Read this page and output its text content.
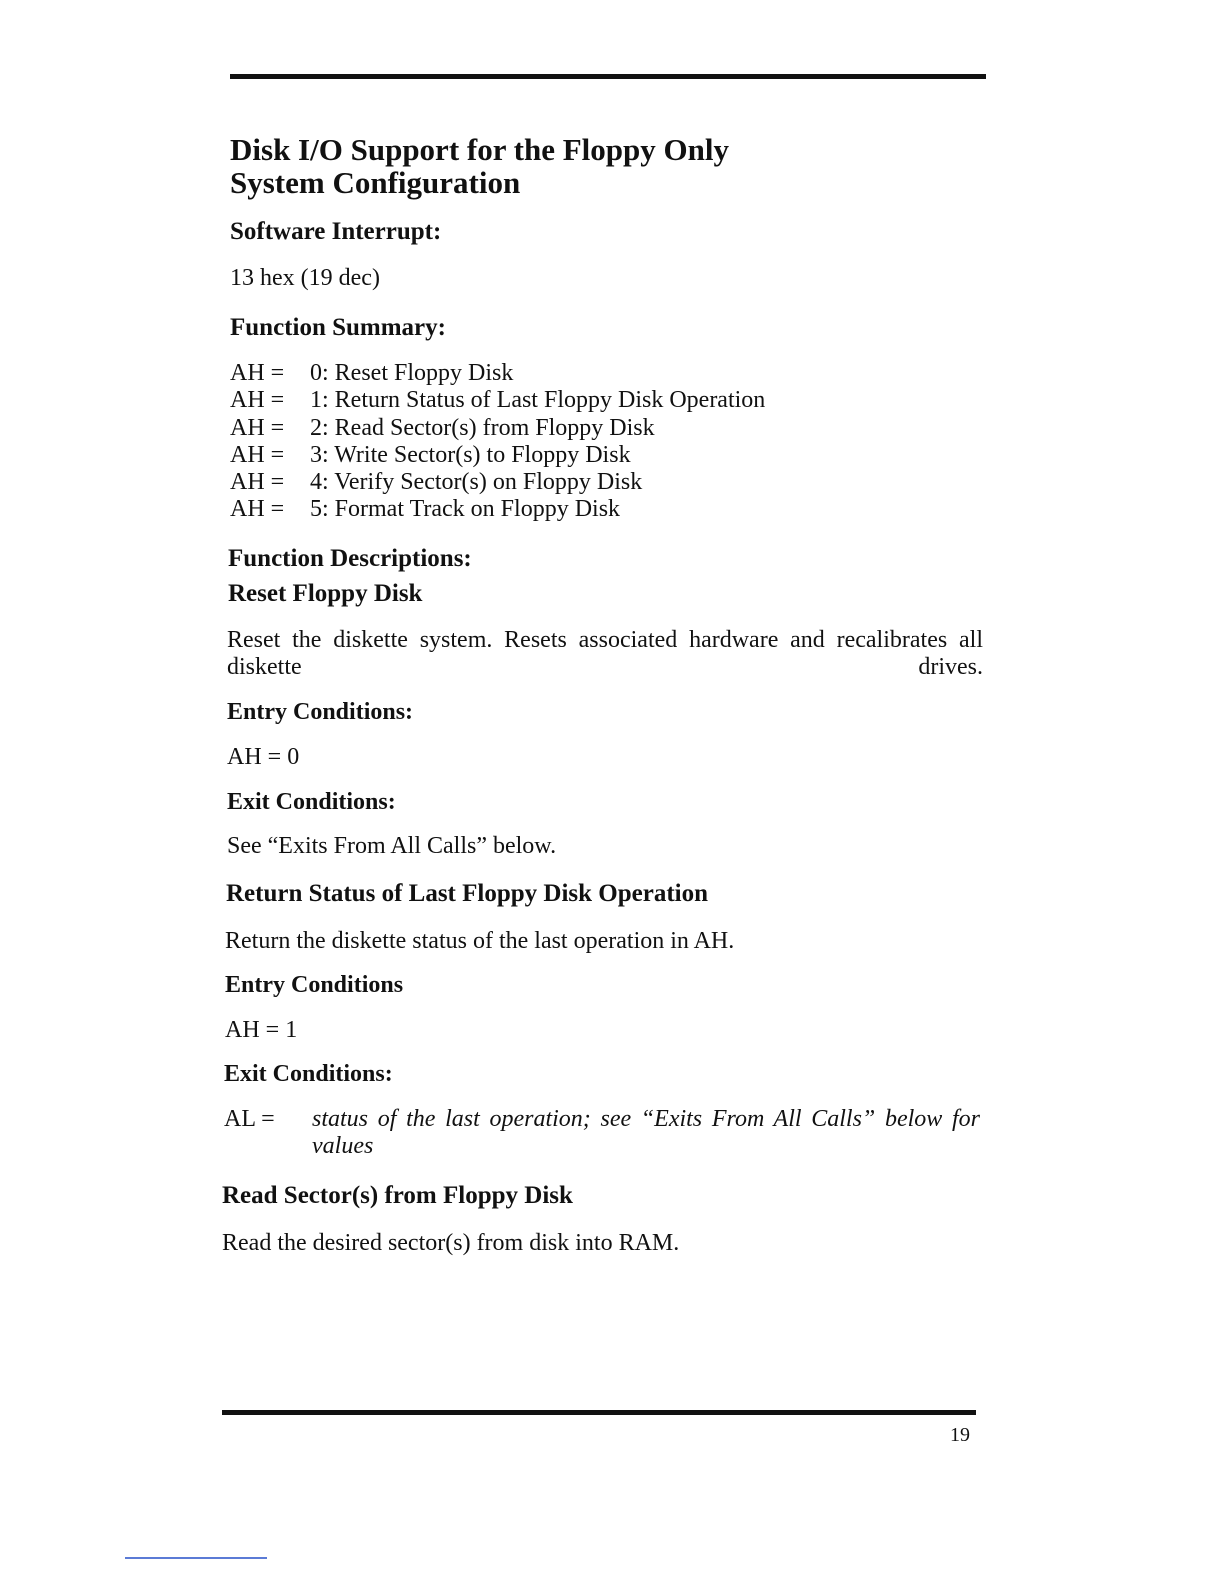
Disk I/O Support for the Floppy Only
System Configuration
Software Interrupt:

13 hex (19 dec)

Function Summary:
AH = 0: Reset Floppy Disk
AH = 1: Return Status of Last Floppy Disk Operation
AH = 2: Read Sector(s) from Floppy Disk
AH = 3: Write Sector(s) to Floppy Disk
AH = 4: Verify Sector(s) on Floppy Disk
AH = 5: Format Track on Floppy Disk
Function Descriptions:
Reset Floppy Disk

Reset the diskette system. Resets associated hardware and recalibrates all diskette drives.

Entry Conditions:

AH = 0

Exit Conditions:

See “Exits From All Calls” below.

Return Status of Last Floppy Disk Operation

Return the diskette status of the last operation in AH.

Entry Conditions

AH = 1

Exit Conditions:
AL = status of the last operation; see “Exits From All Calls” below for values
Read Sector(s) from Floppy Disk

Read the desired sector(s) from disk into RAM.

19
